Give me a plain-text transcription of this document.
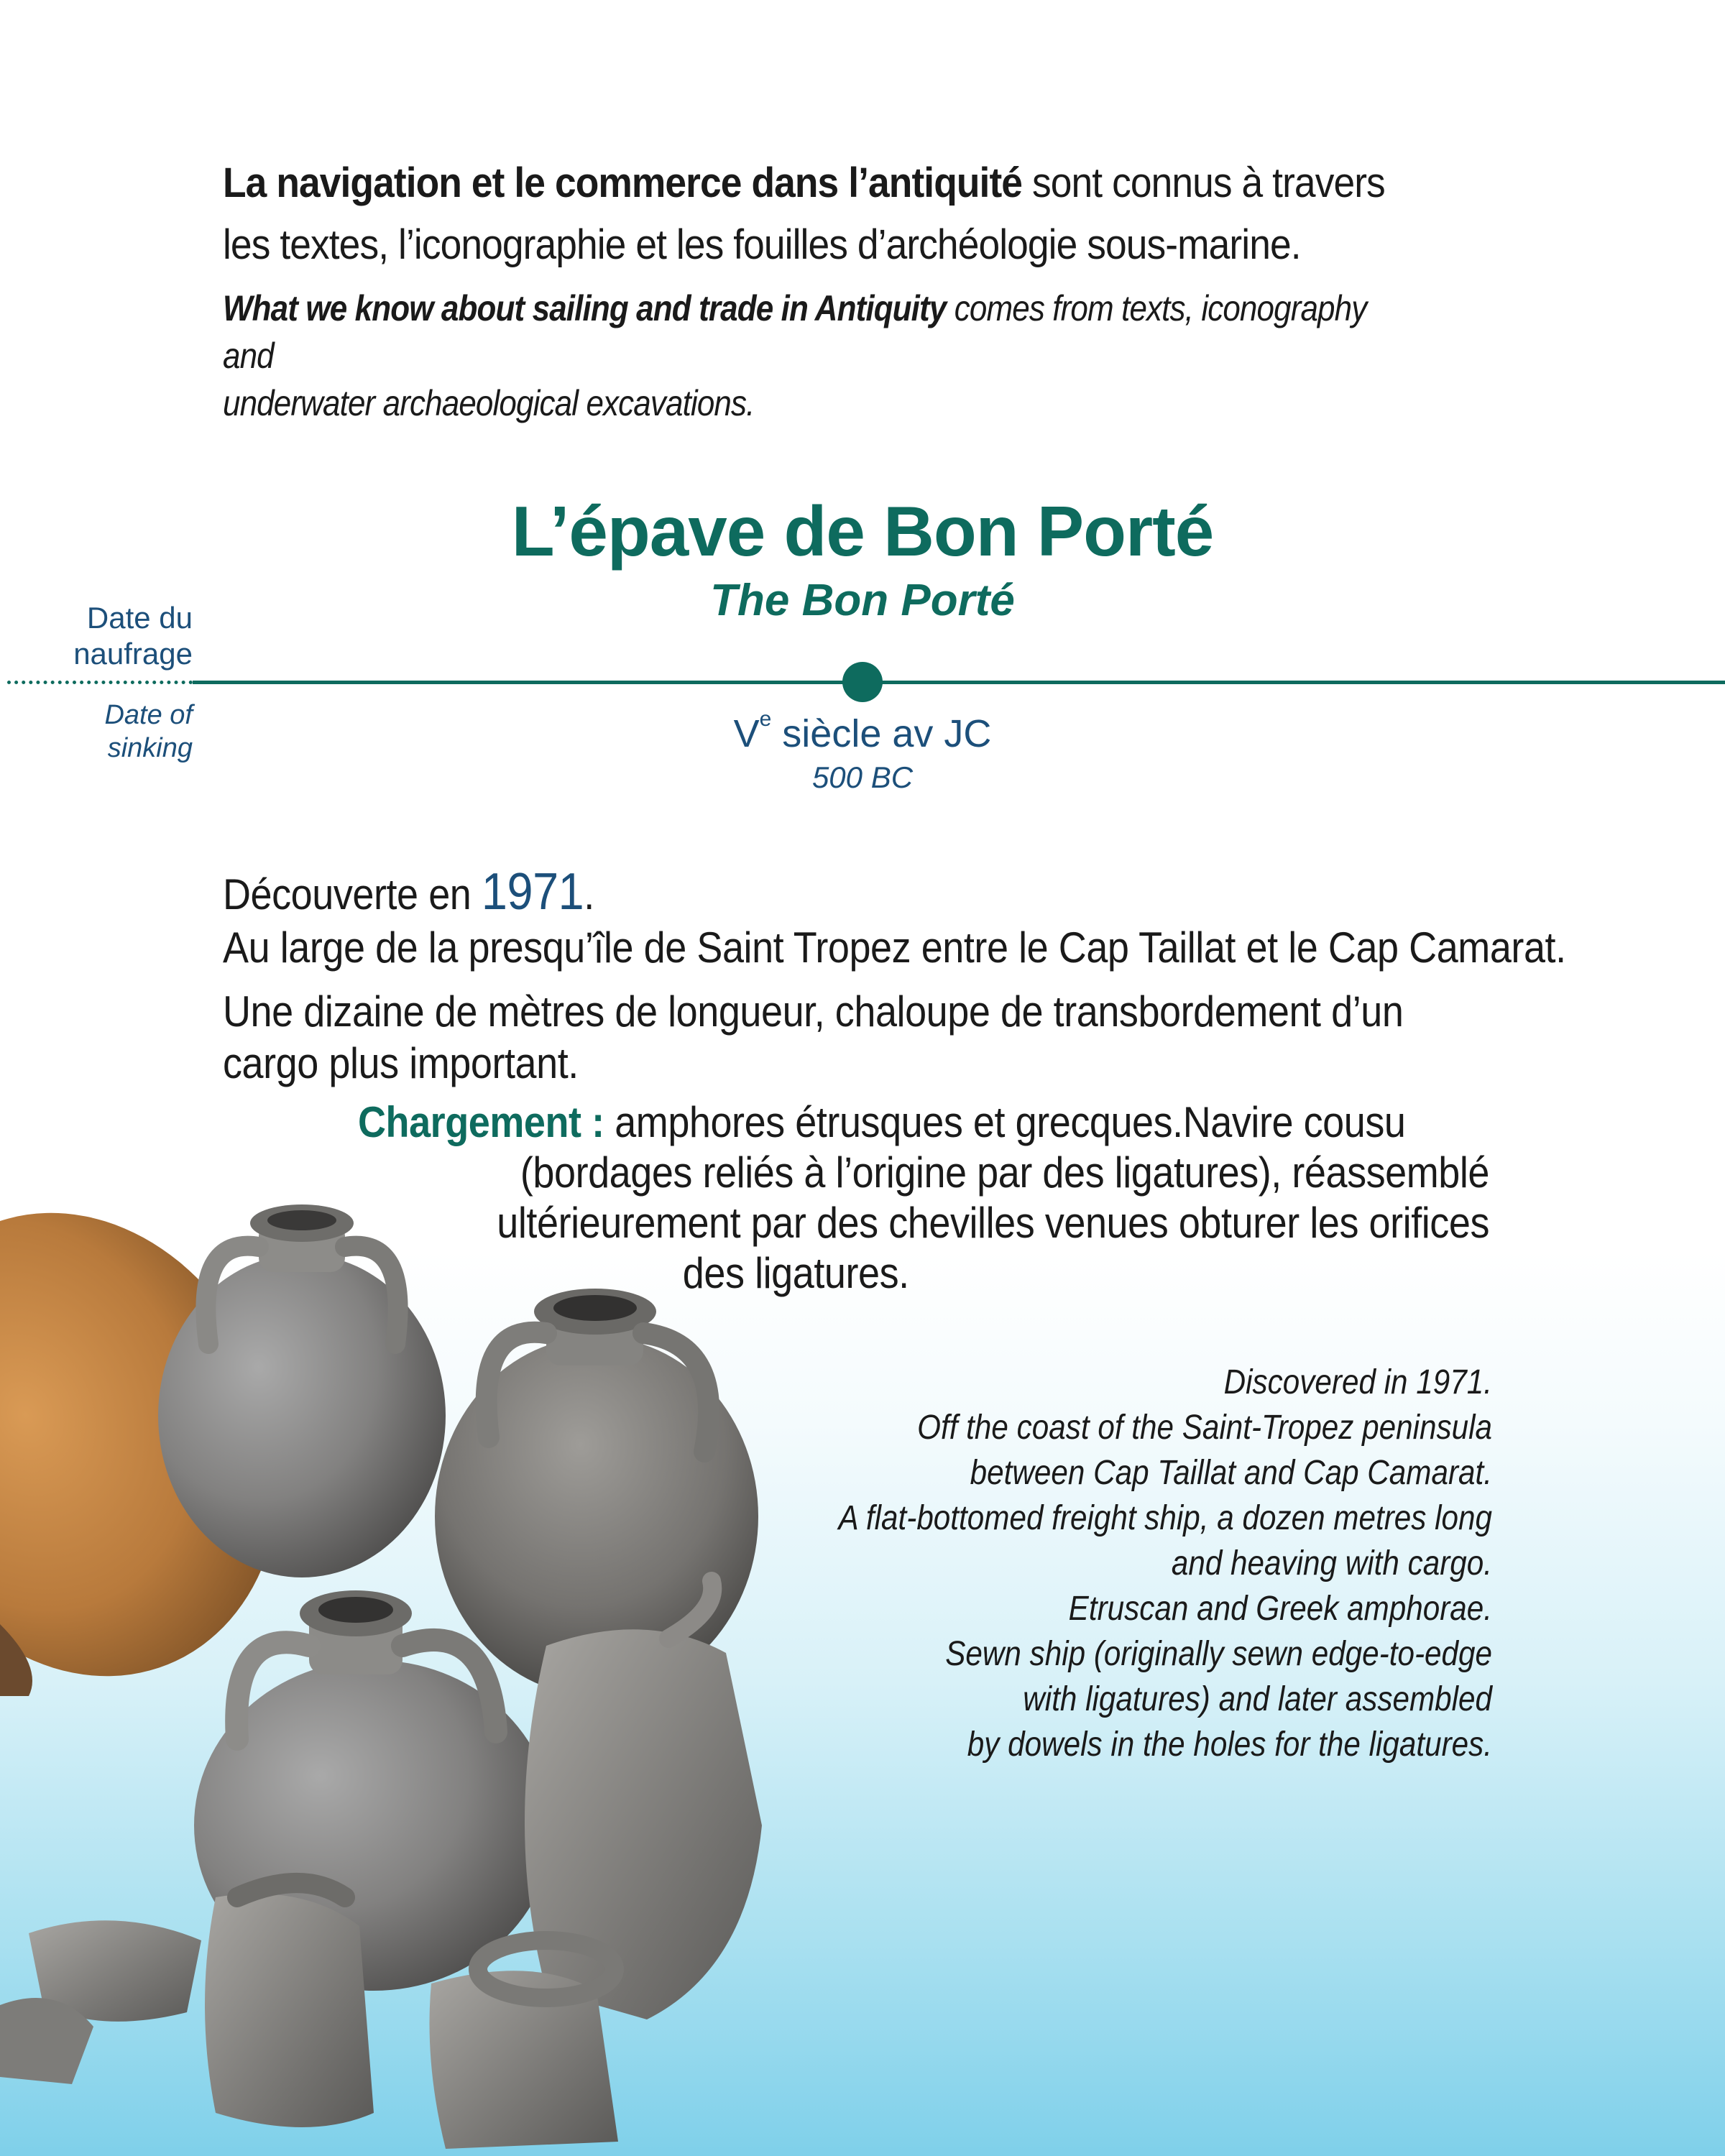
La navigation et le commerce dans l’antiquité sont connus à travers
les textes, l’iconographie et les fouilles d’archéologie sous-marine.
What we know about sailing and trade in Antiquity comes from texts, iconography and
underwater archaeological excavations.
L’épave de Bon Porté
The Bon Porté
Date du
naufrage
Date of
sinking	Ve siècle av JC
500 BC
Découverte en 1971.
Au large de la presqu’île de Saint Tropez entre le Cap Taillat et le Cap Camarat.
Une dizaine de mètres de longueur, chaloupe de transbordement d’un cargo plus important.
Chargement : amphores étrusques et grecques.Navire cousu
(bordages reliés à l’origine par des ligatures), réassemblé
ultérieurement par des chevilles venues obturer les orifices
des ligatures.
Discovered in 1971.
Off the coast of the Saint-Tropez peninsula
between Cap Taillat and Cap Camarat.
A flat-bottomed freight ship, a dozen metres long
and heaving with cargo.
Etruscan and Greek amphorae.
Sewn ship (originally sewn edge-to-edge
with ligatures) and later assembled
by dowels in the holes for the ligatures.
